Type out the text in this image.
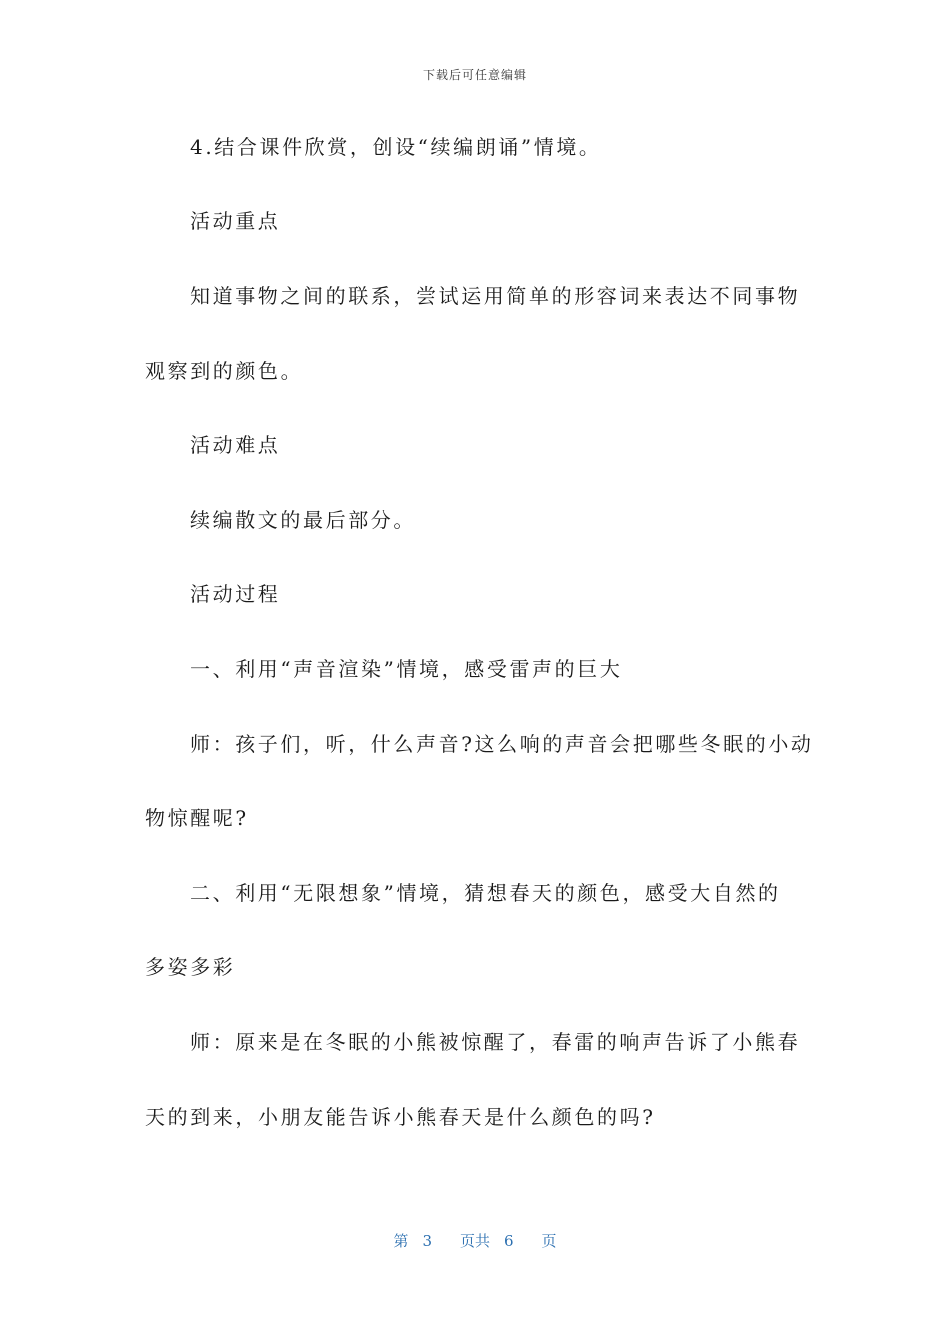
下载后可任意编辑
4.结合课件欣赏，创设“续编朗诵”情境。
活动重点
知道事物之间的联系，尝试运用简单的形容词来表达不同事物
观察到的颜色。
活动难点
续编散文的最后部分。
活动过程
一、利用“声音渲染”情境，感受雷声的巨大
师：孩子们，听，什么声音?这么响的声音会把哪些冬眠的小动
物惊醒呢?
二、利用“无限想象”情境，猜想春天的颜色，感受大自然的
多姿多彩
师：原来是在冬眠的小熊被惊醒了，春雷的响声告诉了小熊春
天的到来，小朋友能告诉小熊春天是什么颜色的吗?
第 3 页共 6 页
